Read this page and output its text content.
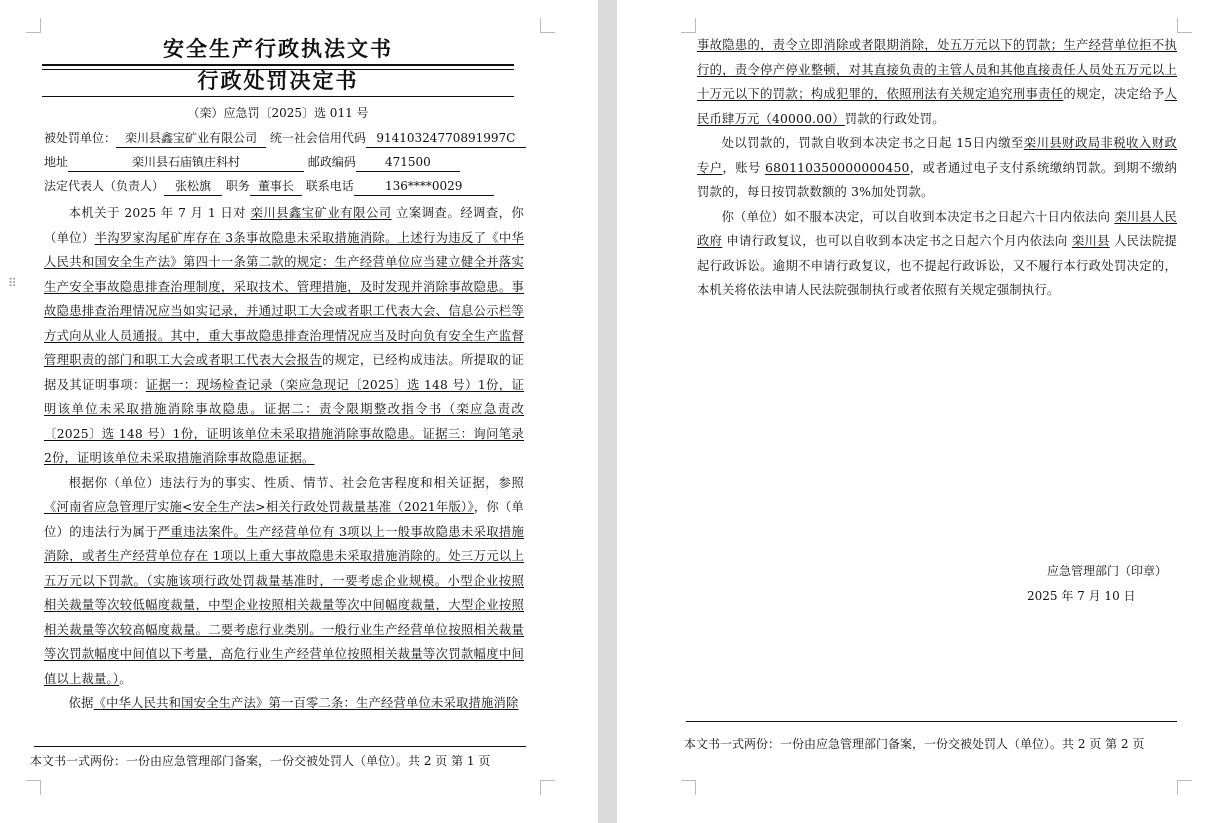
⠿
安全生产行政执法文书
行政处罚决定书
（栾）应急罚〔2025〕选 011 号
被处罚单位： 栾川县鑫宝矿业有限公司 统一社会信用代码 91410324770891997C
地址	栾川县石庙镇庄科村	邮政编码 471500
法定代表人（负责人） 张松旗 职务 董事长 联系电话	136****0029

本机关于 2025 年 7 月 1 日对 栾川县鑫宝矿业有限公司 立案调查。经调查，你（单位）半沟罗家沟尾矿库存在 3条事故隐患未采取措施消除。上述行为违反了《中华人民共和国安全生产法》第四十一条第二款的规定：生产经营单位应当建立健全并落实生产安全事故隐患排查治理制度，采取技术、管理措施，及时发现并消除事故隐患。事故隐患排查治理情况应当如实记录，并通过职工大会或者职工代表大会、信息公示栏等方式向从业人员通报。其中，重大事故隐患排查治理情况应当及时向负有安全生产监督管理职责的部门和职工大会或者职工代表大会报告的规定，已经构成违法。所提取的证据及其证明事项：证据一：现场检查记录（栾应急现记〔2025〕选 148 号）1份，证明该单位未采取措施消除事故隐患。证据二：责令限期整改指令书（栾应急责改 〔2025〕选 148 号）1份，证明该单位未采取措施消除事故隐患。证据三：询问笔录 2份，证明该单位未采取措施消除事故隐患证据。

根据你（单位）违法行为的事实、性质、情节、社会危害程度和相关证据，参照《河南省应急管理厅实施<安全生产法>相关行政处罚裁量基准（2021年版）》，你（单位）的违法行为属于严重违法案件。生产经营单位有 3项以上一般事故隐患未采取措施消除，或者生产经营单位存在 1项以上重大事故隐患未采取措施消除的。处三万元以上五万元以下罚款。（实施该项行政处罚裁量基准时，一要考虑企业规模。小型企业按照相关裁量等次较低幅度裁量，中型企业按照相关裁量等次中间幅度裁量，大型企业按照相关裁量等次较高幅度裁量。二要考虑行业类别。一般行业生产经营单位按照相关裁量等次罚款幅度中间值以下考量，高危行业生产经营单位按照相关裁量等次罚款幅度中间值以上裁量。）。

依据《中华人民共和国安全生产法》第一百零二条：生产经营单位未采取措施消除

本文书一式两份：一份由应急管理部门备案，一份交被处罚人（单位）。共 2 页 第 1 页

事故隐患的，责令立即消除或者限期消除，处五万元以下的罚款；生产经营单位拒不执行的，责令停产停业整顿，对其直接负责的主管人员和其他直接责任人员处五万元以上十万元以下的罚款；构成犯罪的，依照刑法有关规定追究刑事责任的规定，决定给予人民币肆万元（40000.00）罚款的行政处罚。

处以罚款的，罚款自收到本决定书之日起 15日内缴至栾川县财政局非税收入财政专户，账号 680110350000000450，或者通过电子支付系统缴纳罚款。到期不缴纳罚款的，每日按罚款数额的 3%加处罚款。

你（单位）如不服本决定，可以自收到本决定书之日起六十日内依法向 栾川县人民政府 申请行政复议，也可以自收到本决定书之日起六个月内依法向 栾川县 人民法院提起行政诉讼。逾期不申请行政复议，也不提起行政诉讼，又不履行本行政处罚决定的，本机关将依法申请人民法院强制执行或者依照有关规定强制执行。

应急管理部门（印章）
2025 年 7 月 10 日
本文书一式两份：一份由应急管理部门备案，一份交被处罚人（单位）。共 2 页 第 2 页
